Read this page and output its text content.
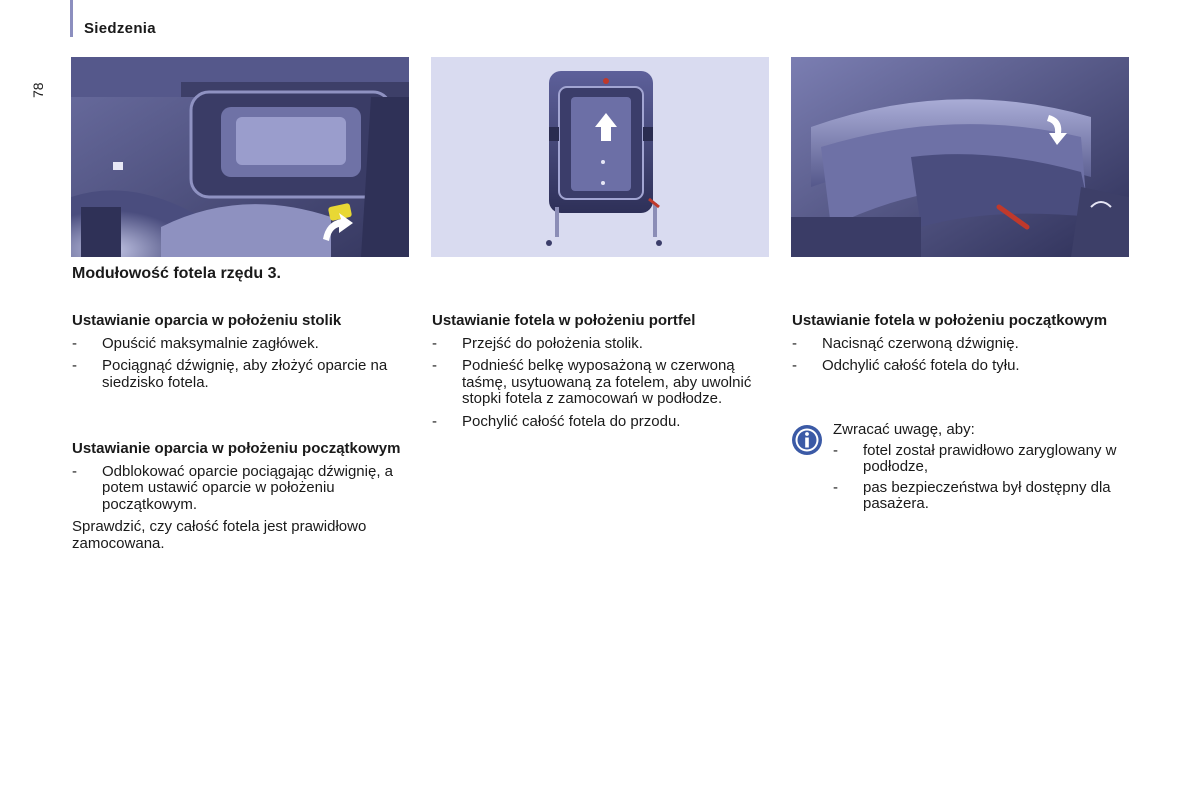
Siedzenia
78
Modułowość fotela rzędu 3.
Ustawianie oparcia w położeniu stolik
- Opuścić maksymalnie zagłówek.
- Pociągnąć dźwignię, aby złożyć oparcie na siedzisko fotela.
Ustawianie oparcia w położeniu początkowym
- Odblokować oparcie pociągając dźwignię, a potem ustawić oparcie w położeniu początkowym.
Sprawdzić, czy całość fotela jest prawidłowo zamocowana.
Ustawianie fotela w położeniu portfel
- Przejść do położenia stolik.
- Podnieść belkę wyposażoną w czerwoną taśmę, usytuowaną za fotelem, aby uwolnić stopki fotela z zamocowań w podłodze.
- Pochylić całość fotela do przodu.
Ustawianie fotela w położeniu początkowym
- Nacisnąć czerwoną dźwignię.
- Odchylić całość fotela do tyłu.
Zwracać uwagę, aby:
- fotel został prawidłowo zaryglowany w podłodze,
- pas bezpieczeństwa był dostępny dla pasażera.
